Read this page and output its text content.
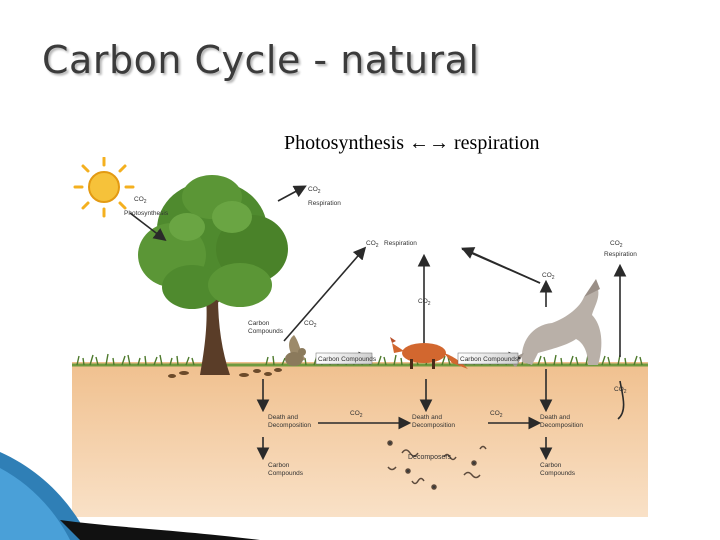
Carbon Cycle - natural
Photosynthesis ←→ respiration
$CO_2$
Photosynthesis
$CO_2$
Respiration
$CO_2$ Respiration	$CO_2$
Respiration
$CO_2$
$CO_2$
$CO_2$
Carbon
Compounds
Carbon Compounds	Carbon Compounds
$CO_2$
Death and
Decomposition
$CO_2$	Death and
Decomposition
$CO_2$	Death and
Decomposition
Decomposers
Carbon
Compounds
Carbon
Compounds
